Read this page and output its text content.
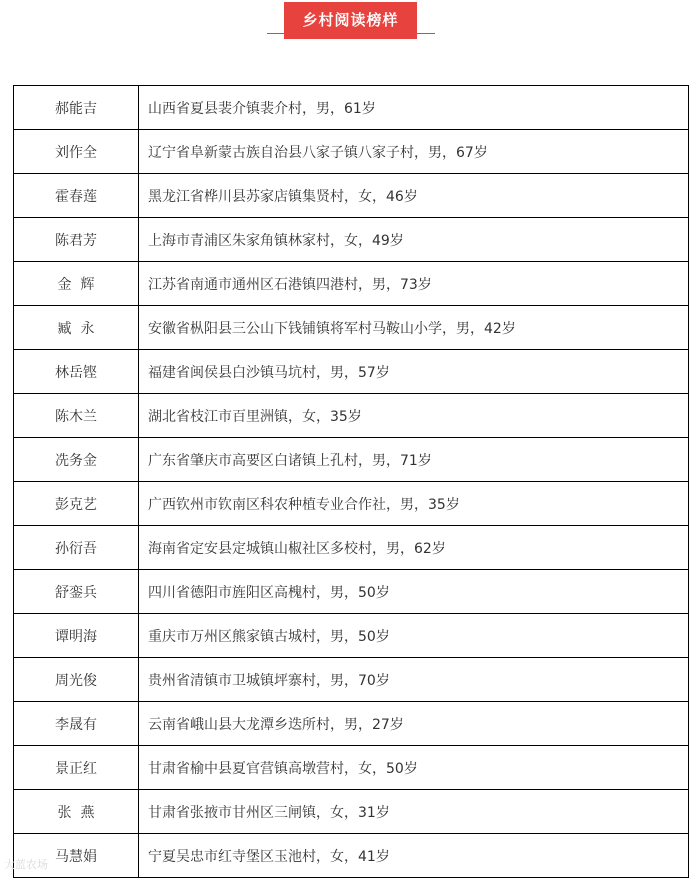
乡村阅读榜样
郝能吉	山西省夏县裴介镇裴介村，男，61岁
刘作全	辽宁省阜新蒙古族自治县八家子镇八家子村，男，67岁
霍春莲	黑龙江省桦川县苏家店镇集贤村，女，46岁
陈君芳	上海市青浦区朱家角镇林家村，女，49岁
金  辉	江苏省南通市通州区石港镇四港村，男，73岁
臧  永	安徽省枞阳县三公山下钱铺镇将军村马鞍山小学，男，42岁
林岳铿	福建省闽侯县白沙镇马坑村，男，57岁
陈木兰	湖北省枝江市百里洲镇，女，35岁
冼务金	广东省肇庆市高要区白诸镇上孔村，男，71岁
彭克艺	广西钦州市钦南区科农种植专业合作社，男，35岁
孙衍吾	海南省定安县定城镇山椒社区多校村，男，62岁
舒銮兵	四川省德阳市旌阳区高槐村，男，50岁
谭明海	重庆市万州区熊家镇古城村，男，50岁
周光俊	贵州省清镇市卫城镇坪寨村，男，70岁
李晟有	云南省峨山县大龙潭乡迭所村，男，27岁
景正红	甘肃省榆中县夏官营镇高墩营村，女，50岁
张  燕	甘肃省张掖市甘州区三闸镇，女，31岁
马慧娟	宁夏吴忠市红寺堡区玉池村，女，41岁
大蓝农场
